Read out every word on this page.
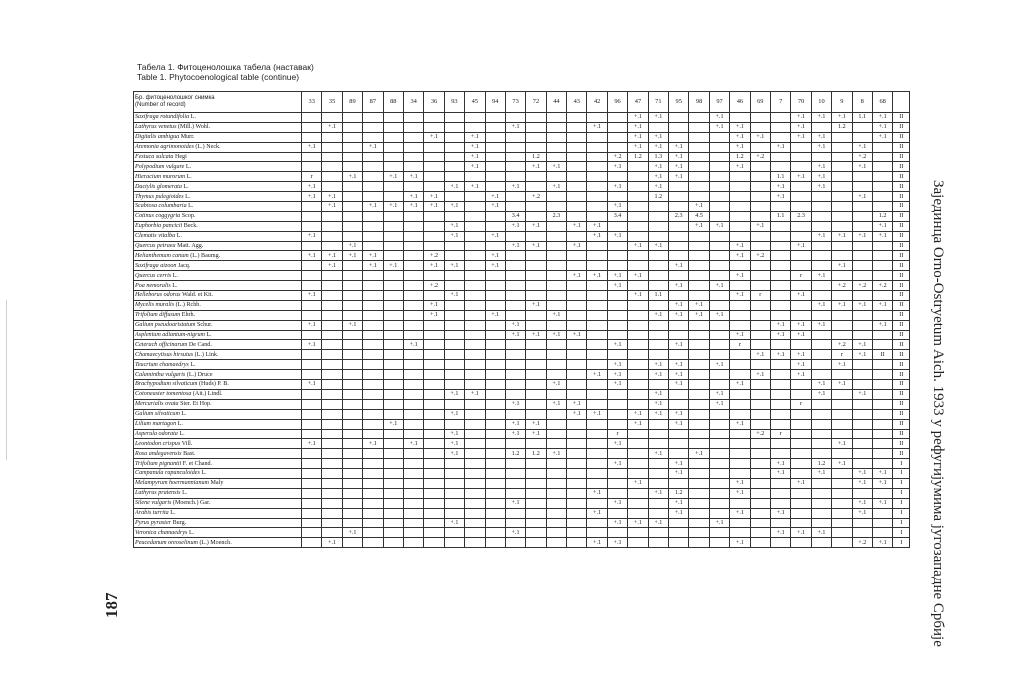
Табела 1. Фитоценолошка табела (наставак)
Table 1. Phytocoenological table (continue)
Бр. фитоценолошког снимка
(Number of record)	33	35	89	87	88	34	36	93	45	94	73	72	44	43	42	96	47	71	95	98	97	46	69	7	70	10	9	8	68	
Saxifraga rotundifolia L.																	+.1	+.1			+.1				+.1	+.1	+.1	1.1	+.1	II
Lathyrus venetus (Mill.) Wohl.		+.1									+.1				+.1		+.1				+.1	+.1			+.1		1.2		+.1	II
Digitalis ambigua Murr.							+.1		+.1								+.1	+.1				+.1	+.1		+.1	+.1			+.1	II
Aremonia agrimonoides (L.) Neck.	+.1			+.1					+.1								+.1	+.1	+.1			+.1		+.1		+.1		+.1		II
Festuca sulcata Hegi									+.1			1.2				+.2	1.2	1.3	+.1			1.2	+.2					+.2		II
Polypodium vulgare L.									+.1			+.1	+.1			+.1		+.1	+.1			+.1				+.1		+.1		II
Hieracium murorum L.	r		+.1		+.1	+.1												+.1	+.1					1.1	+.1	+.1				II
Dactylis glomerata L.	+.1							+.1	+.1		+.1		+.1			+.1		+.1						+.1		+.1				II
Thymus pulegioides L.	+.1	+.1				+.1	+.1			+.1		+.2						1.2						+.1				+.1		II
Scabiosa columbaria L.		+.1		+.1	+.1	+.1	+.1	+.1		+.1						+.1				+.1										II
Cotinus coggygria Scop.											3.4		2.3			3.4			2.3	4.5				1.1	2.3				1.2	II
Euphorbia pancicii Beck.								+.1			+.1	+.1		+.1	+.1					+.1	+.1		+.1						+.1	II
Clematis vitalba L.	+.1							+.1		+.1					+.1	+.1										+.1	+.1	+.1	+.1	II
Quercus petraea Matt. Agg.			+.1								+.1	+.1		+.1			+.1	+.1				+.1			+.1					II
Helianthemum canum (L.) Baumg.	+.1	+.1	+.1	+.1			+.2			+.1												+.1	+.2							II
Saxifraga aizoon Jacq.		+.1		+.1	+.1		+.1	+.1		+.1									+.1								+.1			II
Quercus cerris L.														+.1	+.1	+.1	+.1					+.1			r	+.1				II
Poa nemoralis L.							+.2									+.1			+.1		+.1						+.2	+.2	+.2	II
Helleborus odorus Wald. et Kit.	+.1							+.1									+.1	1.1				+.1	r		+.1					II
Mycelis muralis (L.) Rchb.							+.1					+.1							+.1	+.1						+.1	+.1	+.1	+.1	II
Trifolium diffusum Ehrh.							+.1			+.1			+.1					+.1	+.1	+.1	+.1									II
Galium pseudoaristatum Schur.	+.1		+.1								+.1													+.1	+.1	+.1			+.1	II
Asplenium adiantum-nigrum L.											+.1	+.1	+.1	+.1								+.1		+.1	+.1					II
Ceterach officinarum De Cand.	+.1					+.1										+.1			+.1			r					+.2	+.1		II
Chamaecytisus hirsutus (L.) Link.																							+.1	+.1	+.1		r	+.1	II	II
Teucrium chamaedrys L.																+.1		+.1	+.1		+.1				+.1		+.1			II
Calamintha vulgaris (L.) Druce															+.1	+.1		+.1	+.1				+.1		+.1					II
Brachypodium silvaticum (Huds) P. B.	+.1												+.1			+.1			+.1			+.1				+.1	+.1			II
Cotoneaster tomentosa (Ait.) Lindl.								+.1	+.1									+.1			+.1					+.1		+.1		II
Mercurialis ovata Ster. Et Hop.											+.1		+.1	+.1				+.1			+.1				r					II
Galium silvaticum L.								+.1						+.1	+.1		+.1	+.1	+.1											II
Lilium martagon L.					+.1						+.1	+.1					+.1		+.1			+.1								II
Asperula odorata L.								+.1			+.1	+.1				r							+.2	r						II
Leontodon crispus Vill.	+.1			+.1		+.1		+.1								+.1											+.1			II
Rosa andegavensis Bast.								+.1			1.2	1.2	+.1					+.1		+.1										II
Trifolium pignantii F. et Chand.																+.1			+.1					+.1		1.2	+.1			I
Campanula rapunculoides L.																			+.1					+.1		+.1		+.1	+.1	I
Melampyrum hoermannianum Maly																	+.1					+.1			+.1			+.1	+.1	I
Lathyrus pratensis L.															+.1			+.1	1.2			+.1								I
Silene vulgaris (Moench.) Gar.											+.1					+.1			+.1									+.1	+.1	I
Arabis turrita L.															+.1				+.1			+.1		+.1				+.1		I
Pyrus pyraster Burg.								+.1								+.1	+.1	+.1			+.1									I
Veronica chamaedrys L.			+.1								+.1													+.1	+.1	+.1				I
Peucedanum oreoselinum (L.) Moench.		+.1													+.1	+.1						+.1						+.2	+.1	I Зајединца Orno-Ostryetum Aich. 1933 у рефугијумима југозападне Србије
187
